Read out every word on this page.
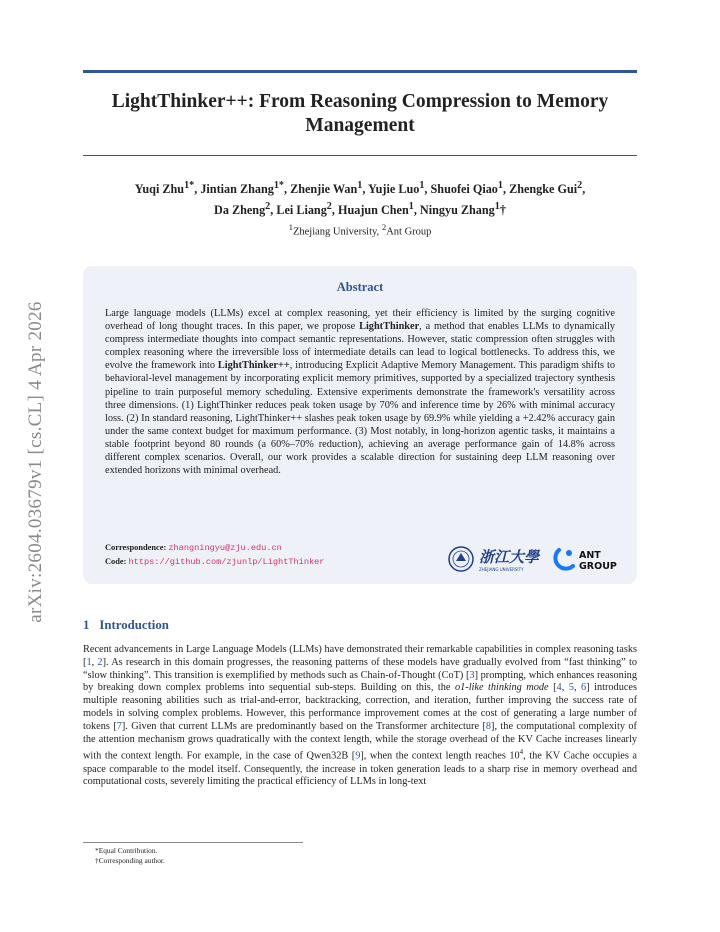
arXiv:2604.03679v1 [cs.CL] 4 Apr 2026
LightThinker++: From Reasoning Compression to Memory Management
Yuqi Zhu$^{1*}$, Jintian Zhang$^{1*}$, Zhenjie Wan$^1$, Yujie Luo$^1$, Shuofei Qiao$^1$, Zhengke Gui$^2$,
Da Zheng$^2$, Lei Liang$^2$, Huajun Chen$^1$, Ningyu Zhang$^1$†
$^1$Zhejiang University, $^2$Ant Group
Abstract
Large language models (LLMs) excel at complex reasoning, yet their efficiency is limited by the surging cognitive overhead of long thought traces. In this paper, we propose LightThinker, a method that enables LLMs to dynamically compress intermediate thoughts into compact semantic representations. However, static compression often struggles with complex reasoning where the irreversible loss of intermediate details can lead to logical bottlenecks. To address this, we evolve the framework into LightThinker++, introducing Explicit Adaptive Memory Management. This paradigm shifts to behavioral-level management by incorporating explicit memory primitives, supported by a specialized trajectory synthesis pipeline to train purposeful memory scheduling. Extensive experiments demonstrate the framework's versatility across three dimensions. (1) LightThinker reduces peak token usage by 70% and inference time by 26% with minimal accuracy loss. (2) In standard reasoning, LightThinker++ slashes peak token usage by 69.9% while yielding a +2.42% accuracy gain under the same context budget for maximum performance. (3) Most notably, in long-horizon agentic tasks, it maintains a stable footprint beyond 80 rounds (a 60%–70% reduction), achieving an average performance gain of 14.8% across different complex scenarios. Overall, our work provides a scalable direction for sustaining deep LLM reasoning over extended horizons with minimal overhead.
Correspondence: zhangningyu@zju.edu.cn
Code: https://github.com/zjunlp/LightThinker	浙江大學
ZHEJIANG UNIVERSITY
ANT
GROUP
1 Introduction
Recent advancements in Large Language Models (LLMs) have demonstrated their remarkable capabilities in complex reasoning tasks [1, 2]. As research in this domain progresses, the reasoning patterns of these models have gradually evolved from “fast thinking” to “slow thinking”. This transition is exemplified by methods such as Chain-of-Thought (CoT) [3] prompting, which enhances reasoning by breaking down complex problems into sequential sub-steps. Building on this, the o1-like thinking mode [4, 5, 6] introduces multiple reasoning abilities such as trial-and-error, backtracking, correction, and iteration, further improving the success rate of models in solving complex problems. However, this performance improvement comes at the cost of generating a large number of tokens [7]. Given that current LLMs are predominantly based on the Transformer architecture [8], the computational complexity of the attention mechanism grows quadratically with the context length, while the storage overhead of the KV Cache increases linearly with the context length. For example, in the case of Qwen32B [9], when the context length reaches $10^4$, the KV Cache occupies a space comparable to the model itself. Consequently, the increase in token generation leads to a sharp rise in memory overhead and computational costs, severely limiting the practical efficiency of LLMs in long-text
*Equal Contribution.
†Corresponding author.
